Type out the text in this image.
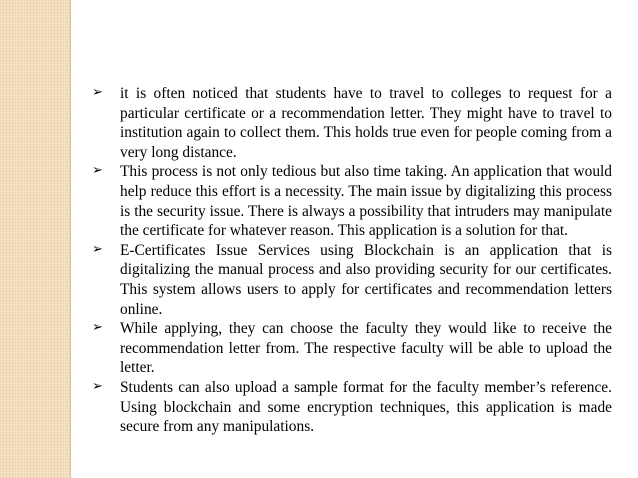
➢	it is often noticed that students have to travel to colleges to request for a particular certificate or a recommendation letter. They might have to travel to institution again to collect them. This holds true even for people coming from a very long distance.
➢	This process is not only tedious but also time taking. An application that would help reduce this effort is a necessity. The main issue by digitalizing this process is the security issue. There is always a possibility that intruders may manipulate the certificate for whatever reason. This application is a solution for that.
➢	E-Certificates Issue Services using Blockchain is an application that is digitalizing the manual process and also providing security for our certificates. This system allows users to apply for certificates and recommendation letters online.
➢	While applying, they can choose the faculty they would like to receive the recommendation letter from. The respective faculty will be able to upload the letter.
➢	Students can also upload a sample format for the faculty member’s reference. Using blockchain and some encryption techniques, this application is made secure from any manipulations.
